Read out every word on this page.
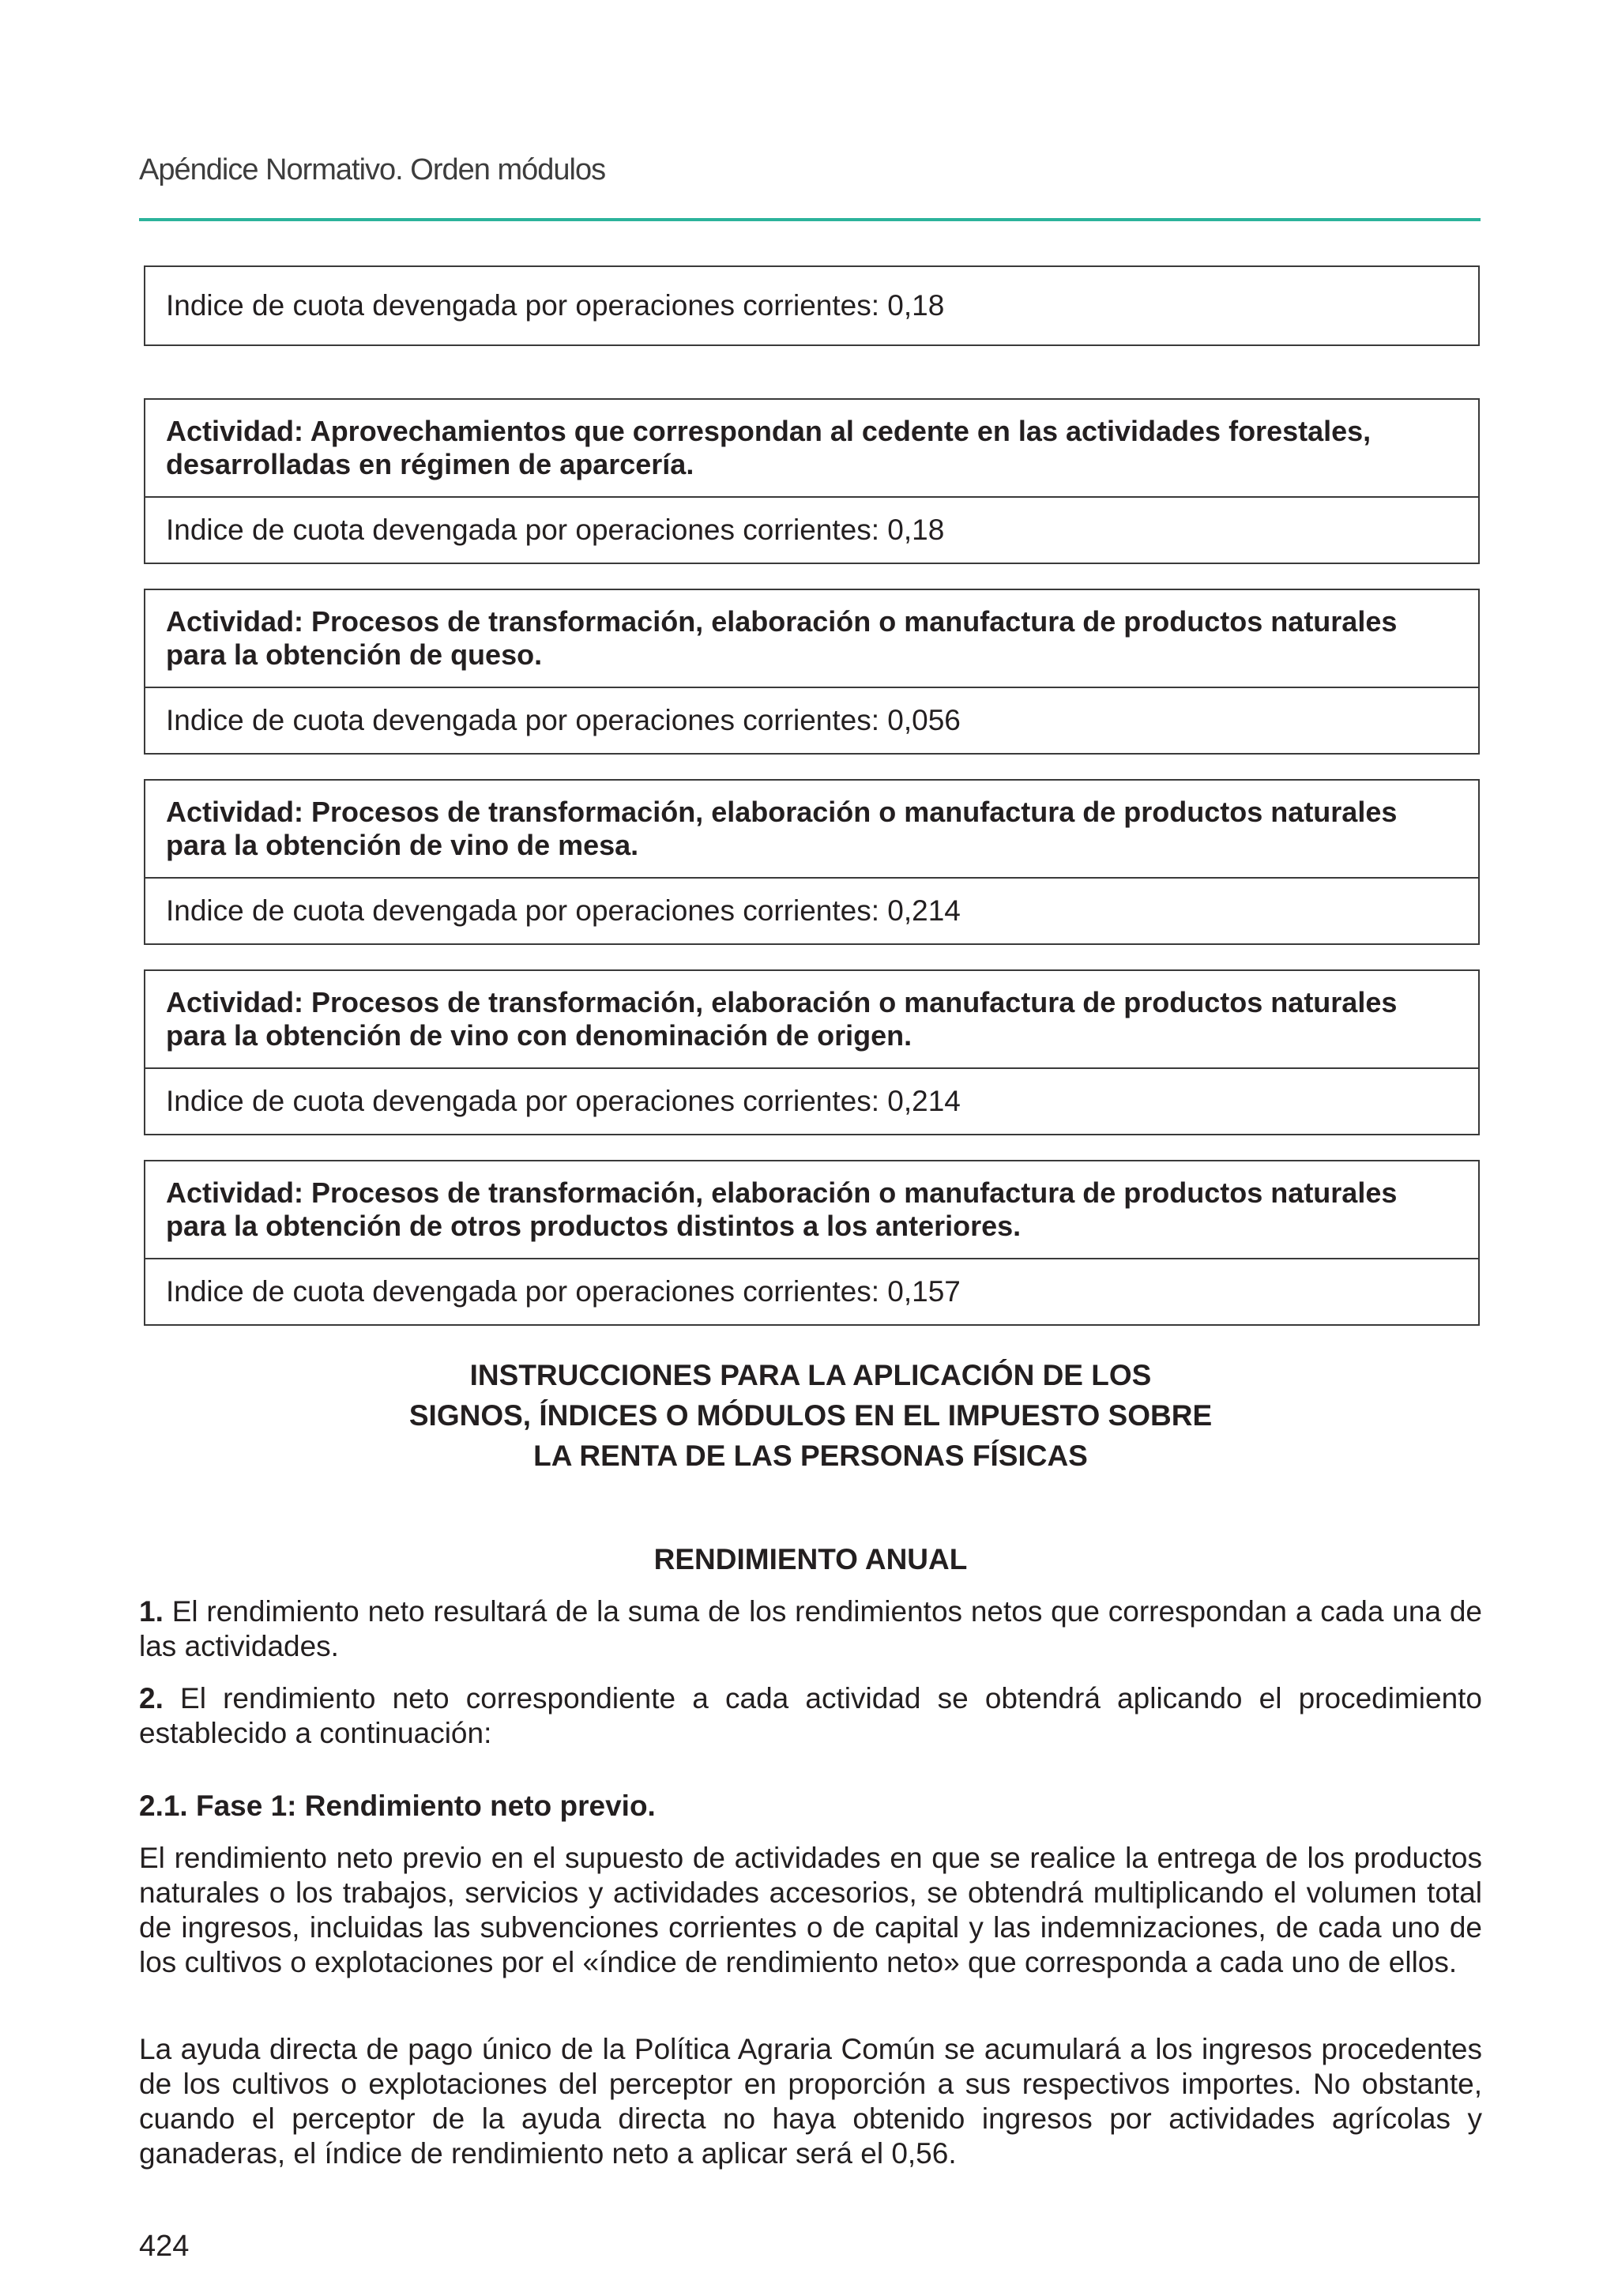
Apéndice Normativo. Orden módulos
Indice de cuota devengada por operaciones corrientes: 0,18
Actividad: Aprovechamientos que correspondan al cedente en las actividades forestales, desarrolladas en régimen de aparcería.
Indice de cuota devengada por operaciones corrientes: 0,18
Actividad: Procesos de transformación, elaboración o manufactura de productos naturales para la obtención de queso.
Indice de cuota devengada por operaciones corrientes: 0,056
Actividad: Procesos de transformación, elaboración o manufactura de productos naturales para la obtención de vino de mesa.
Indice de cuota devengada por operaciones corrientes: 0,214
Actividad: Procesos de transformación, elaboración o manufactura de productos naturales para la obtención de vino con denominación de origen.
Indice de cuota devengada por operaciones corrientes: 0,214
Actividad: Procesos de transformación, elaboración o manufactura de productos naturales para la obtención de otros productos distintos a los anteriores.
Indice de cuota devengada por operaciones corrientes: 0,157
INSTRUCCIONES PARA LA APLICACIÓN DE LOS
SIGNOS, ÍNDICES O MÓDULOS EN EL IMPUESTO SOBRE
LA RENTA DE LAS PERSONAS FÍSICAS
RENDIMIENTO ANUAL
1. El rendimiento neto resultará de la suma de los rendimientos netos que correspondan a cada una de las actividades.
2. El rendimiento neto correspondiente a cada actividad se obtendrá aplicando el procedimiento establecido a continuación:
2.1. Fase 1: Rendimiento neto previo.
El rendimiento neto previo en el supuesto de actividades en que se realice la entrega de los productos naturales o los trabajos, servicios y actividades accesorios, se obtendrá multiplicando el volumen total de ingresos, incluidas las subvenciones corrientes o de capital y las indemnizaciones, de cada uno de los cultivos o explotaciones por el «índice de rendimiento neto» que corresponda a cada uno de ellos.
La ayuda directa de pago único de la Política Agraria Común se acumulará a los ingresos procedentes de los cultivos o explotaciones del perceptor en proporción a sus respectivos importes. No obstante, cuando el perceptor de la ayuda directa no haya obtenido ingresos por actividades agrícolas y ganaderas, el índice de rendimiento neto a aplicar será el 0,56.
424
